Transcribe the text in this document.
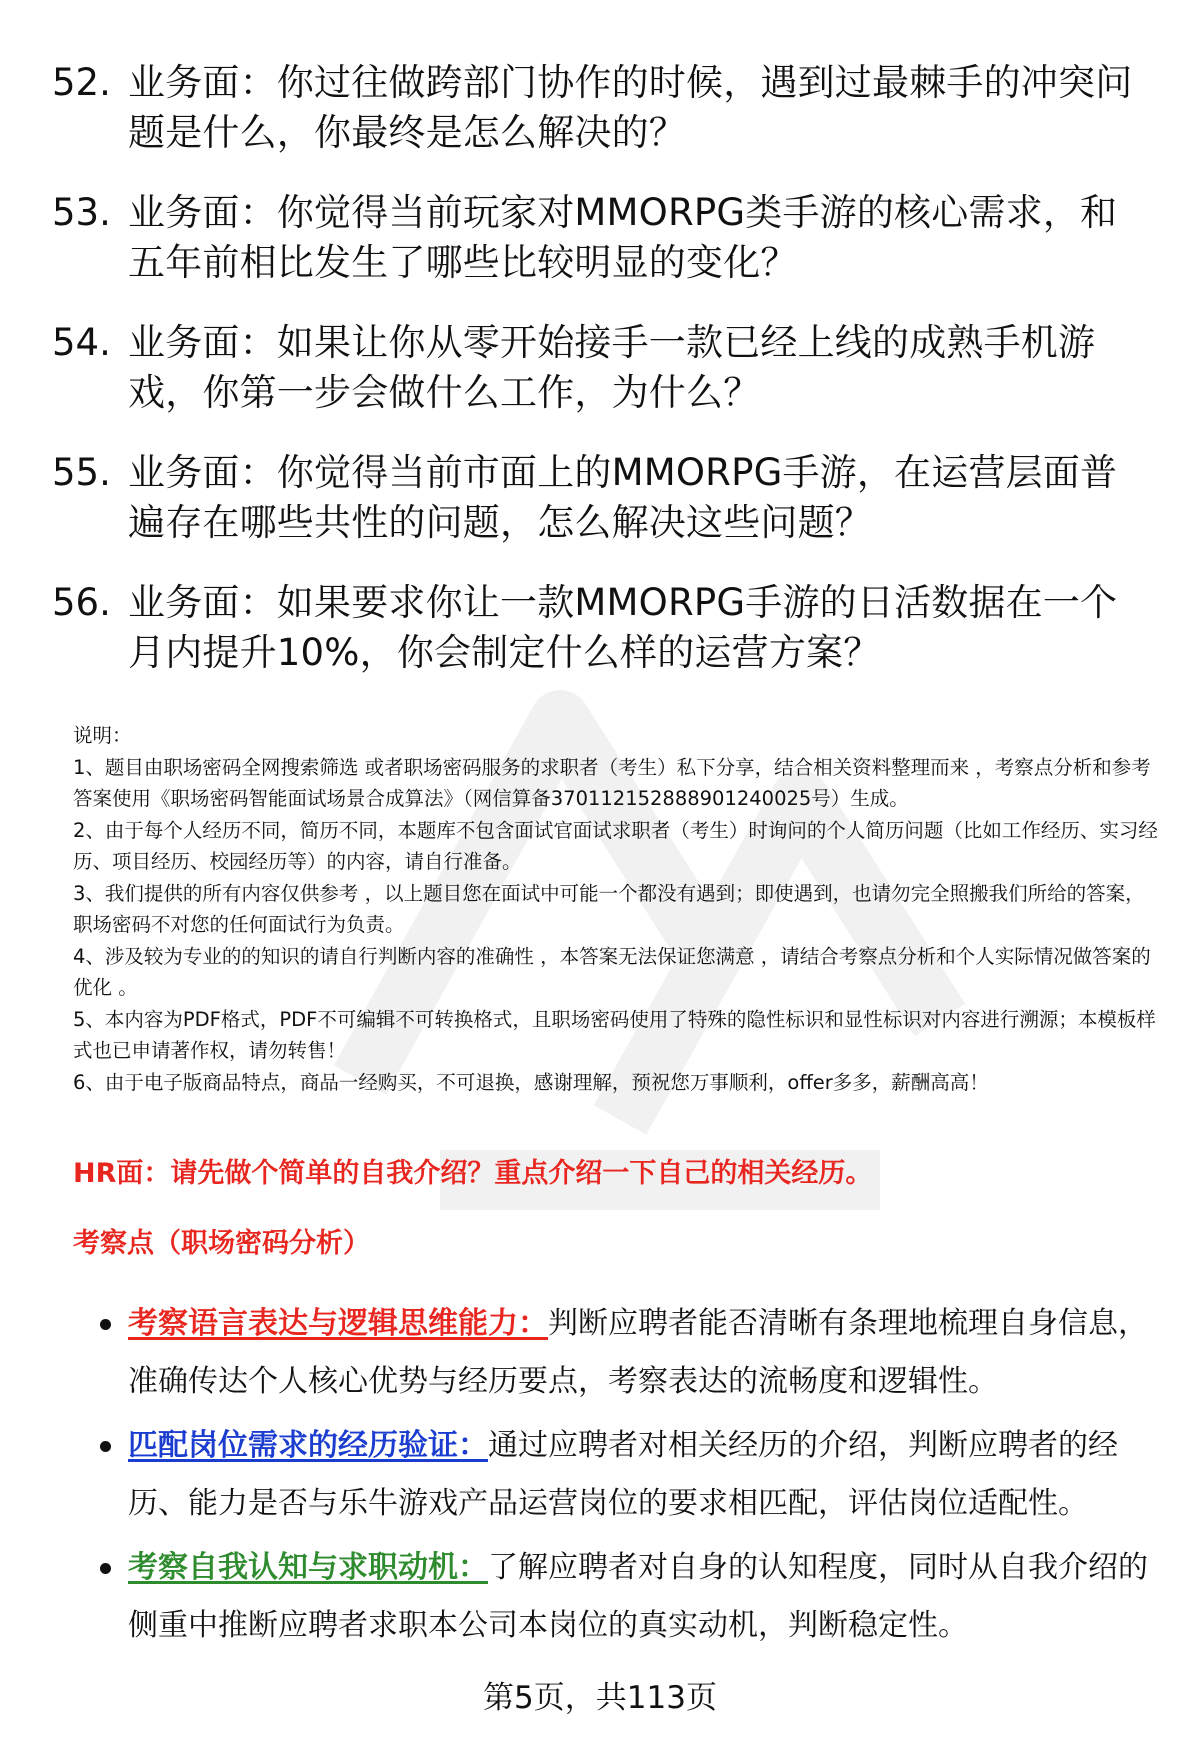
52. 业务面：你过往做跨部门协作的时候，遇到过最棘手的冲突问题是什么，你最终是怎么解决的？
53. 业务面：你觉得当前玩家对MMORPG类手游的核心需求，和五年前相比发生了哪些比较明显的变化？
54. 业务面：如果让你从零开始接手一款已经上线的成熟手机游戏，你第一步会做什么工作，为什么？
55. 业务面：你觉得当前市面上的MMORPG手游，在运营层面普遍存在哪些共性的问题，怎么解决这些问题？
56. 业务面：如果要求你让一款MMORPG手游的日活数据在一个月内提升10%，你会制定什么样的运营方案？

说明：

1、题目由职场密码全网搜索筛选 或者职场密码服务的求职者（考生）私下分享，结合相关资料整理而来 ，考察点分析和参考答案使用《职场密码智能面试场景合成算法》（网信算备370112152888901240025号）生成。

2、由于每个人经历不同，简历不同，本题库不包含面试官面试求职者（考生）时询问的个人简历问题（比如工作经历、实习经历、项目经历、校园经历等）的内容，请自行准备。

3、我们提供的所有内容仅供参考 ，以上题目您在面试中可能一个都没有遇到；即使遇到，也请勿完全照搬我们所给的答案，职场密码不对您的任何面试行为负责。

4、涉及较为专业的的知识的请自行判断内容的准确性 ，本答案无法保证您满意 ，请结合考察点分析和个人实际情况做答案的优化 。

5、本内容为PDF格式，PDF不可编辑不可转换格式，且职场密码使用了特殊的隐性标识和显性标识对内容进行溯源；本模板样式也已申请著作权，请勿转售！

6、由于电子版商品特点，商品一经购买，不可退换，感谢理解，预祝您万事顺利，offer多多，薪酬高高！

HR面：请先做个简单的自我介绍？重点介绍一下自己的相关经历。
考察点（职场密码分析）
考察语言表达与逻辑思维能力：判断应聘者能否清晰有条理地梳理自身信息，准确传达个人核心优势与经历要点，考察表达的流畅度和逻辑性。
匹配岗位需求的经历验证：通过应聘者对相关经历的介绍，判断应聘者的经历、能力是否与乐牛游戏产品运营岗位的要求相匹配，评估岗位适配性。
考察自我认知与求职动机：了解应聘者对自身的认知程度，同时从自我介绍的侧重中推断应聘者求职本公司本岗位的真实动机，判断稳定性。
第5页，共113页
